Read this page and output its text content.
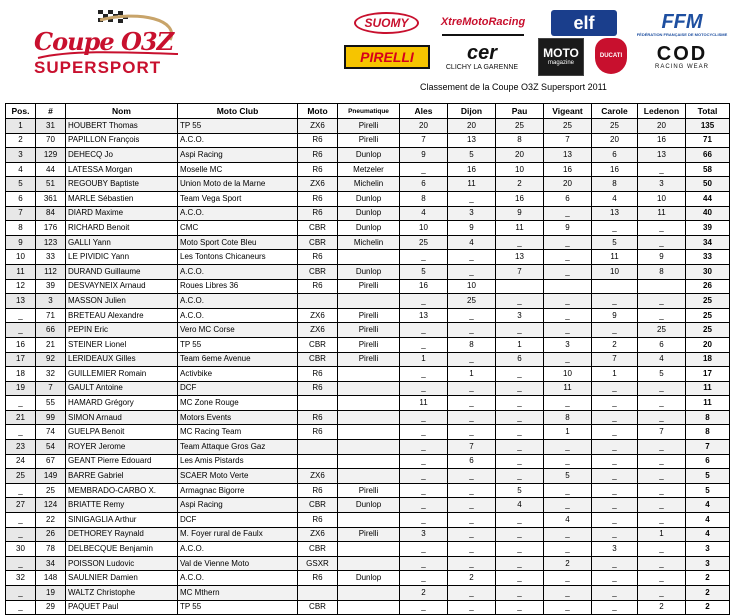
Coupe O3Z
SUPERSPORT
SUOMY	XtreMotoRacing	elf	FFM
FÉDÉRATION FRANÇAISE DE MOTOCYCLISME
PIRELLI	cer
CLICHY LA GARENNE
MOTO
magazine
DUCATI COD
RACING WEAR
Classement de la Coupe O3Z Supersport 2011
Pos.	#	Nom	Moto Club	Moto	Pneumatique	Ales	Dijon	Pau	Vigeant	Carole	Ledenon	Total
1	31	HOUBERT Thomas	TP 55	ZX6	Pirelli	20	20	25	25	25	20	135
2	70	PAPILLON François	A.C.O.	R6	Pirelli	7	13	8	7	20	16	71
3	129	DEHECQ Jo	Aspi Racing	R6	Dunlop	9	5	20	13	6	13	66
4	44	LATESSA Morgan	Moselle MC	R6	Metzeler	_	16	10	16	16	_	58
5	51	REGOUBY Baptiste	Union Moto de la Marne	ZX6	Michelin	6	11	2	20	8	3	50
6	361	MARLE Sébastien	Team Vega Sport	R6	Dunlop	8	_	16	6	4	10	44
7	84	DIARD Maxime	A.C.O.	R6	Dunlop	4	3	9	_	13	11	40
8	176	RICHARD Benoit	CMC	CBR	Dunlop	10	9	11	9	_	_	39
9	123	GALLI Yann	Moto Sport Cote Bleu	CBR	Michelin	25	4	_	_	5	_	34
10	33	LE PIVIDIC Yann	Les Tontons Chicaneurs	R6		_	_	13	_	11	9	33
11	112	DURAND Guillaume	A.C.O.	CBR	Dunlop	5	_	7	_	10	8	30
12	39	DESVAYNEIX Arnaud	Roues Libres 36	R6	Pirelli	16	10					26
13	3	MASSON Julien	A.C.O.			_	25	_	_	_	_	25
_	71	BRETEAU Alexandre	A.C.O.	ZX6	Pirelli	13	_	3	_	9	_	25
_	66	PEPIN Eric	Vero MC Corse	ZX6	Pirelli	_	_	_	_	_	25	25
16	21	STEINER Lionel	TP 55	CBR	Pirelli	_	8	1	3	2	6	20
17	92	LERIDEAUX Gilles	Team 6eme Avenue	CBR	Pirelli	1	_	6	_	7	4	18
18	32	GUILLEMIER Romain	Activbike	R6		_	1	_	10	1	5	17
19	7	GAULT Antoine	DCF	R6		_	_	_	11	_	_	11
_	55	HAMARD Grégory	MC Zone Rouge			11	_	_	_	_	_	11
21	99	SIMON Arnaud	Motors Events	R6		_	_	_	8	_	_	8
_	74	GUELPA Benoit	MC Racing Team	R6		_	_	_	1	_	7	8
23	54	ROYER Jerome	Team Attaque Gros Gaz			_	7	_	_	_	_	7
24	67	GEANT Pierre Edouard	Les Amis Pistards			_	6	_	_	_	_	6
25	149	BARRE Gabriel	SCAER Moto Verte	ZX6		_	_	_	5	_	_	5
_	25	MEMBRADO-CARBO X.	Armagnac Bigorre	R6	Pirelli	_	_	5	_	_	_	5
27	124	BRIATTE Remy	Aspi Racing	CBR	Dunlop	_	_	4	_	_	_	4
_	22	SINIGAGLIA Arthur	DCF	R6		_	_	_	4	_	_	4
_	26	DETHOREY Raynald	M. Foyer rural de Faulx	ZX6	Pirelli	3	_	_	_	_	1	4
30	78	DELBECQUE Benjamin	A.C.O.	CBR		_	_	_	_	3	_	3
_	34	POISSON Ludovic	Val de Vienne Moto	GSXR		_	_	_	2	_	_	3
32	148	SAULNIER Damien	A.C.O.	R6	Dunlop	_	2	_	_	_	_	2
_	19	WALTZ Christophe	MC Mthern			2	_	_	_	_	_	2
_	29	PAQUET Paul	TP 55	CBR		_	_	_	_	_	2	2
